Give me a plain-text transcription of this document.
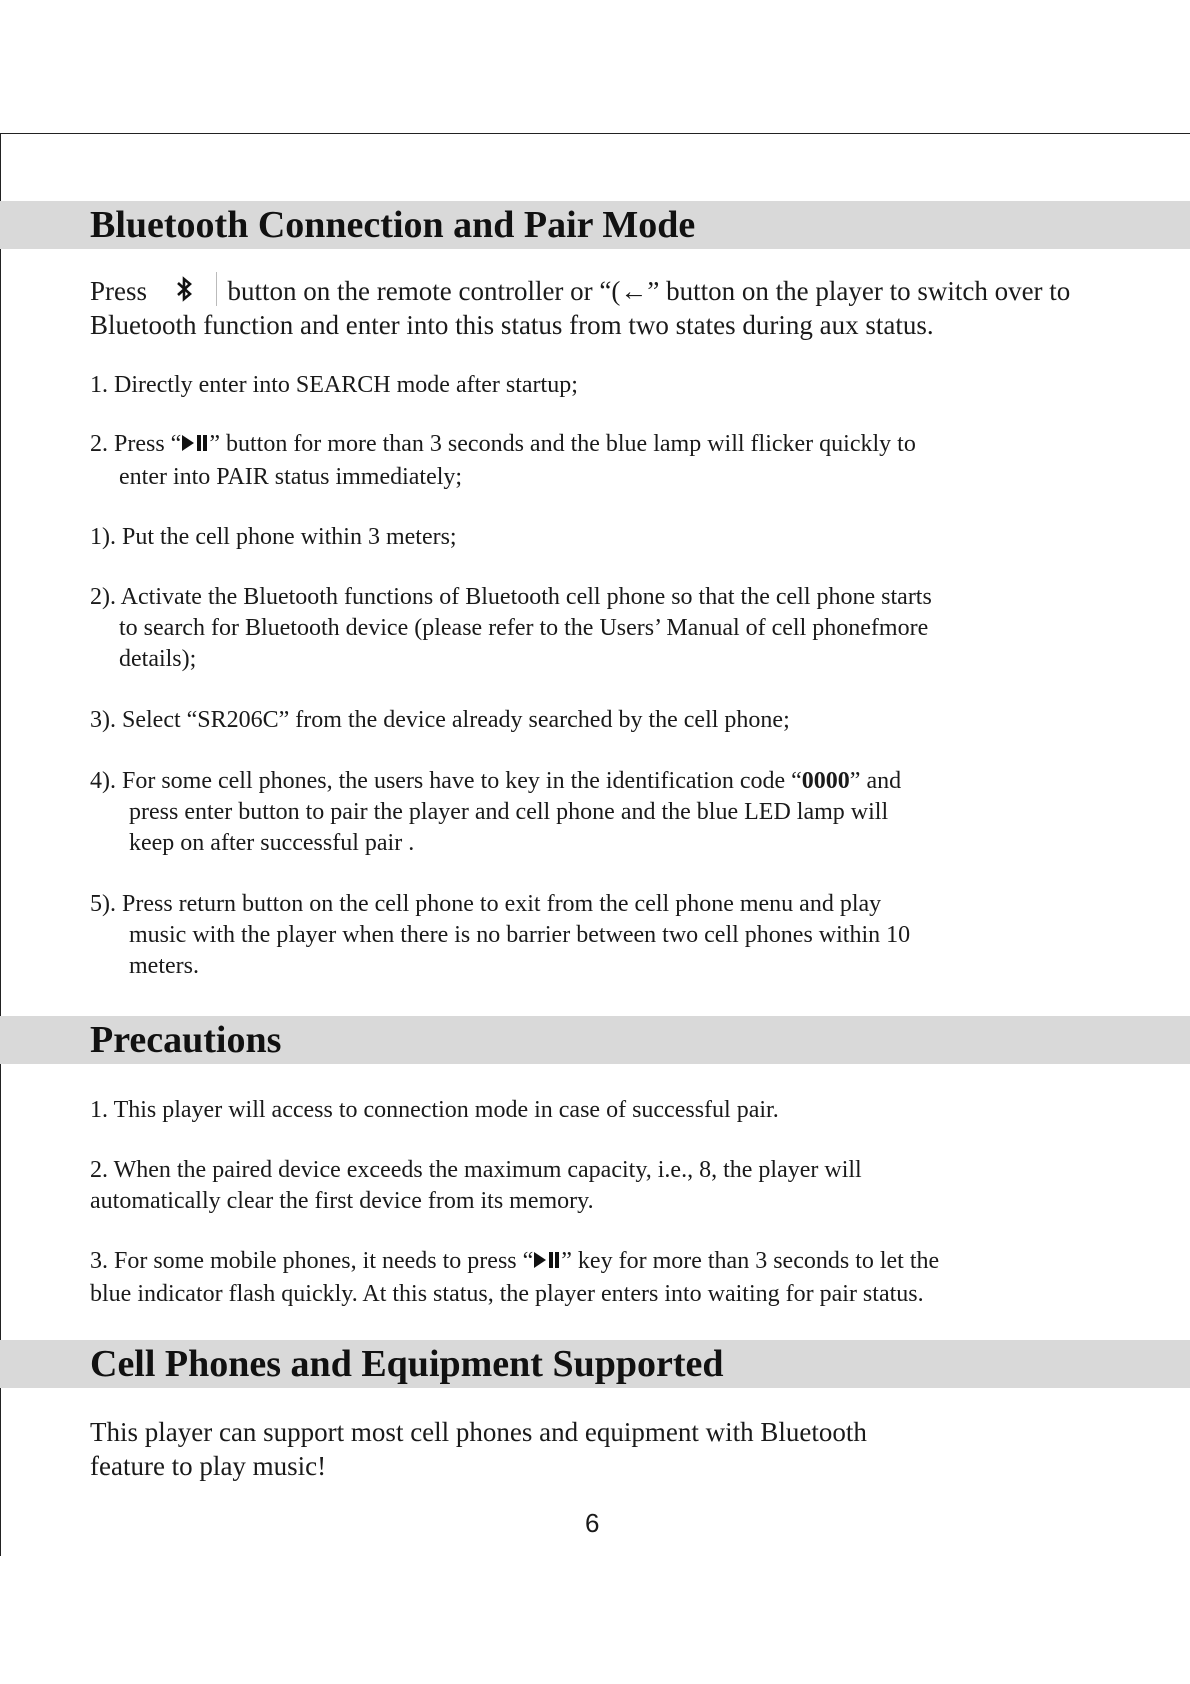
Bluetooth Connection and Pair Mode

Press	button on the remote controller or “(←” button on the player to switch over to Bluetooth function and enter into this status from two states during aux status.

1. Directly enter into SEARCH mode after startup;

2. Press “ ” button for more than 3 seconds and the blue lamp will flicker quickly to
enter into PAIR status immediately;

1). Put the cell phone within 3 meters;

2). Activate the Bluetooth functions of Bluetooth cell phone so that the cell phone starts
to search for Bluetooth device (please refer to the Users’ Manual of cell phonefmore
details);

3). Select “SR206C” from the device already searched by the cell phone;

4). For some cell phones, the users have to key in the identification code “0000” and
press enter button to pair the player and cell phone and the blue LED lamp will
keep on after successful pair .

5). Press return button on the cell phone to exit from the cell phone menu and play
music with the player when there is no barrier between two cell phones within 10
meters.

Precautions

1. This player will access to connection mode in case of successful pair.

2. When the paired device exceeds the maximum capacity, i.e., 8, the player will
automatically clear the first device from its memory.

3. For some mobile phones, it needs to press “ ” key for more than 3 seconds to let the
blue indicator flash quickly. At this status, the player enters into waiting for pair status.

Cell Phones and Equipment Supported

This player can support most cell phones and equipment with Bluetooth
feature to play music!

6
